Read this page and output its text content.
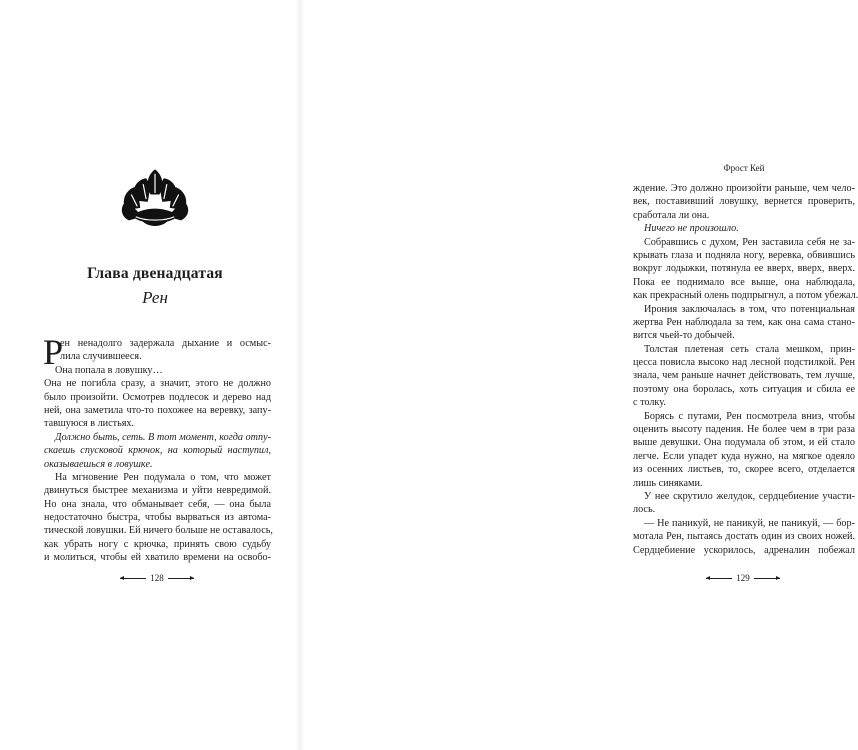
Глава двенадцатая
Рен
Р
ен ненадолго задержала дыхание и осмыс-
лила случившееся.
Она попала в ловушку…
Она не погибла сразу, а значит, этого не должно
было произойти. Осмотрев подлесок и дерево над
ней, она заметила что-то похожее на веревку, запу-
тавшуюся в листьях.
Должно быть, сеть. В тот момент, когда отпу-
скаешь спусковой крючок, на который наступил,
оказываешься в ловушке.
На мгновение Рен подумала о том, что может
двинуться быстрее механизма и уйти невредимой.
Но она знала, что обманывает себя, — она была
недостаточно быстра, чтобы вырваться из автома-
тической ловушки. Ей ничего больше не оставалось,
как убрать ногу с крючка, принять свою судьбу
и молиться, чтобы ей хватило времени на освобо-
128
Фрост Кей
ждение. Это должно произойти раньше, чем чело-
век, поставивший ловушку, вернется проверить,
сработала ли она.
Ничего не произошло.
Собравшись с духом, Рен заставила себя не за-
крывать глаза и подняла ногу, веревка, обвившись
вокруг лодыжки, потянула ее вверх, вверх, вверх.
Пока ее поднимало все выше, она наблюдала,
как прекрасный олень подпрыгнул, а потом убежал.
Ирония заключалась в том, что потенциальная
жертва Рен наблюдала за тем, как она сама стано-
вится чьей-то добычей.
Толстая плетеная сеть стала мешком, прин-
цесса повисла высоко над лесной подстилкой. Рен
знала, чем раньше начнет действовать, тем лучше,
поэтому она боролась, хоть ситуация и сбила ее
с толку.
Борясь с путами, Рен посмотрела вниз, чтобы
оценить высоту падения. Не более чем в три раза
выше девушки. Она подумала об этом, и ей стало
легче. Если упадет куда нужно, на мягкое одеяло
из осенних листьев, то, скорее всего, отделается
лишь синяками.
У нее скрутило желудок, сердцебиение участи-
лось.
— Не паникуй, не паникуй, не паникуй, — бор-
мотала Рен, пытаясь достать один из своих ножей.
Сердцебиение ускорилось, адреналин побежал
129
